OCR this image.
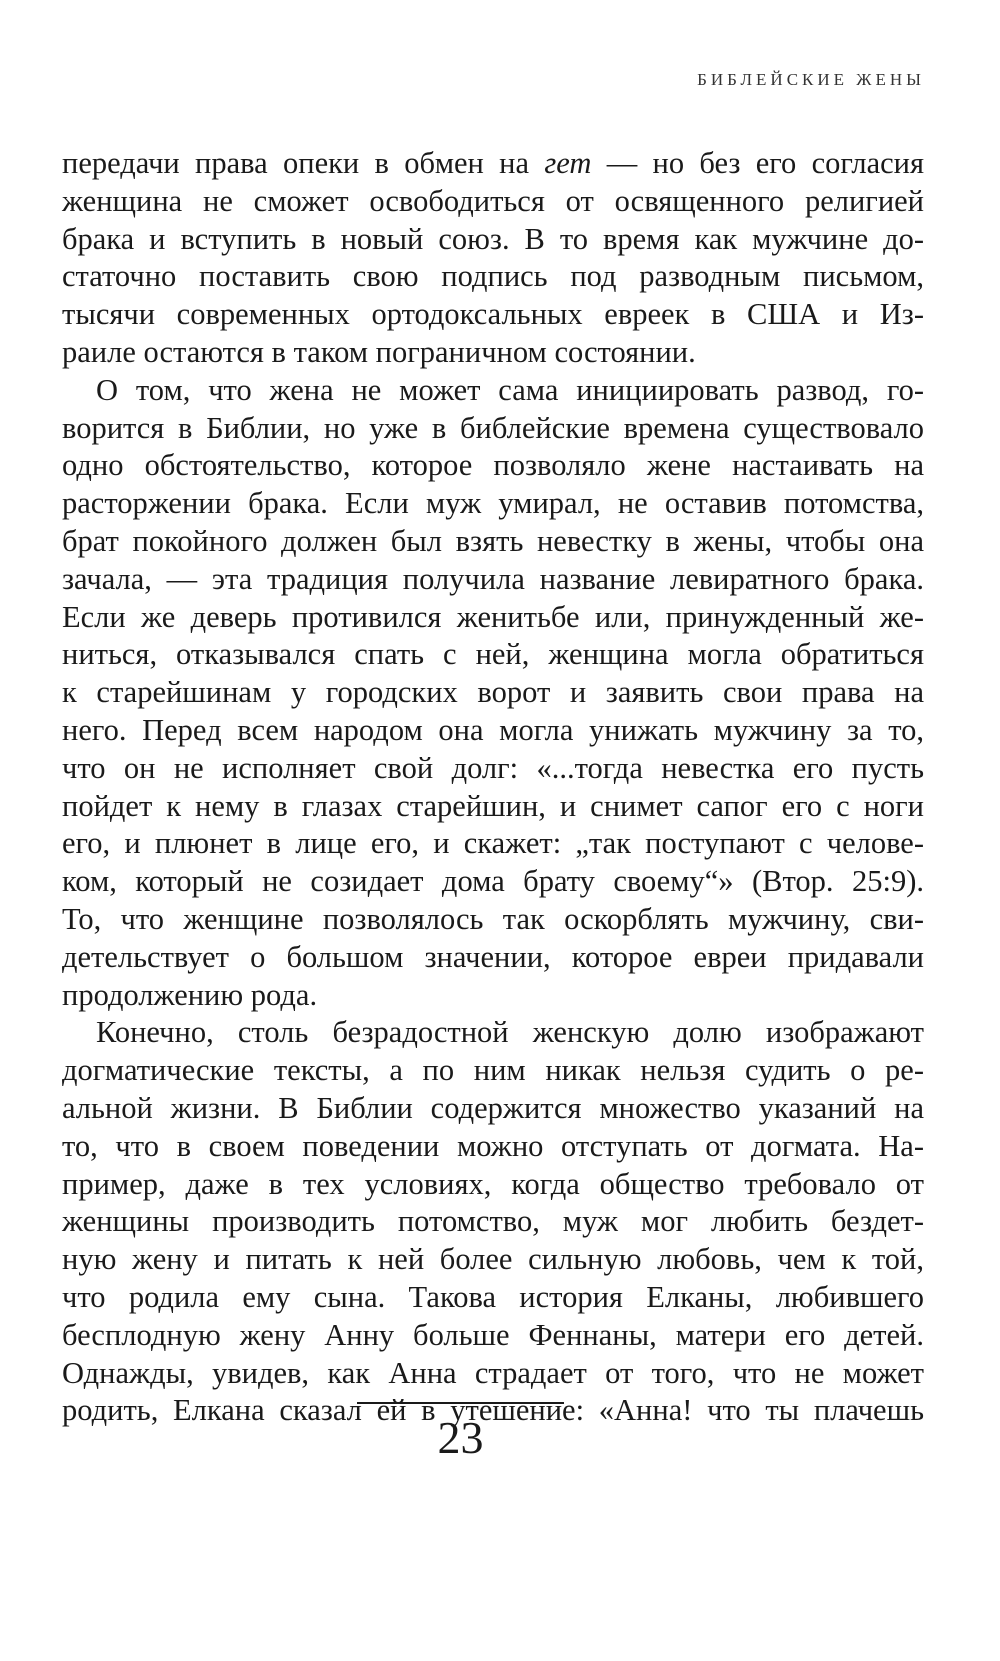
БИБЛЕЙСКИЕ ЖЕНЫ

передачи права опеки в обмен на гет — но без его согласия
женщина не сможет освободиться от освященного религией
брака и вступить в новый союз. В то время как мужчине до-
статочно поставить свою подпись под разводным письмом,
тысячи современных ортодоксальных евреек в США и Из-
раиле остаются в таком пограничном состоянии.

О том, что жена не может сама инициировать развод, го-
ворится в Библии, но уже в библейские времена существовало
одно обстоятельство, которое позволяло жене настаивать на
расторжении брака. Если муж умирал, не оставив потомства,
брат покойного должен был взять невестку в жены, чтобы она
зачала, — эта традиция получила название левиратного брака.
Если же деверь противился женитьбе или, принужденный же-
ниться, отказывался спать с ней, женщина могла обратиться
к старейшинам у городских ворот и заявить свои права на
него. Перед всем народом она могла унижать мужчину за то,
что он не исполняет свой долг: «...тогда невестка его пусть
пойдет к нему в глазах старейшин, и снимет сапог его с ноги
его, и плюнет в лице его, и скажет: „так поступают с челове-
ком, который не созидает дома брату своему“» (Втор. 25:9).
То, что женщине позволялось так оскорблять мужчину, сви-
детельствует о большом значении, которое евреи придавали
продолжению рода.

Конечно, столь безрадостной женскую долю изображают
догматические тексты, а по ним никак нельзя судить о ре-
альной жизни. В Библии содержится множество указаний на
то, что в своем поведении можно отступать от догмата. На-
пример, даже в тех условиях, когда общество требовало от
женщины производить потомство, муж мог любить бездет-
ную жену и питать к ней более сильную любовь, чем к той,
что родила ему сына. Такова история Елканы, любившего
бесплодную жену Анну больше Феннаны, матери его детей.
Однажды, увидев, как Анна страдает от того, что не может
родить, Елкана сказал ей в утешение: «Анна! что ты плачешь

23
